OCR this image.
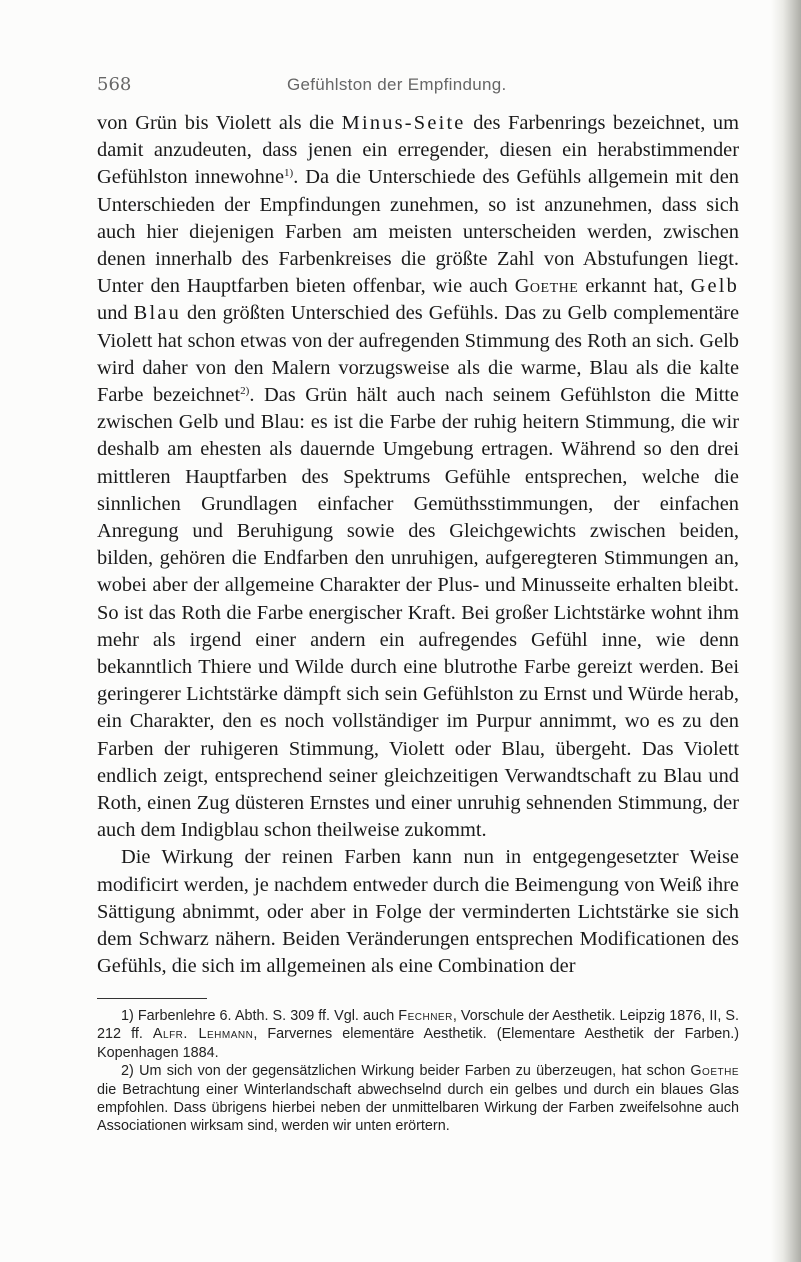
568	Gefühlston der Empfindung.

von Grün bis Violett als die Minus-Seite des Farbenrings bezeichnet, um damit anzudeuten, dass jenen ein erregender, diesen ein herabstimmender Gefühlston innewohne$^{1)}$. Da die Unterschiede des Gefühls allgemein mit den Unterschieden der Empfindungen zunehmen, so ist anzunehmen, dass sich auch hier diejenigen Farben am meisten unterscheiden werden, zwischen denen innerhalb des Farbenkreises die größte Zahl von Abstufungen liegt. Unter den Hauptfarben bieten offenbar, wie auch Goethe erkannt hat, Gelb und Blau den größten Unterschied des Gefühls. Das zu Gelb complementäre Violett hat schon etwas von der aufregenden Stimmung des Roth an sich. Gelb wird daher von den Malern vorzugsweise als die warme, Blau als die kalte Farbe bezeichnet$^{2)}$. Das Grün hält auch nach seinem Gefühlston die Mitte zwischen Gelb und Blau: es ist die Farbe der ruhig heitern Stimmung, die wir deshalb am ehesten als dauernde Umgebung ertragen. Während so den drei mittleren Hauptfarben des Spektrums Gefühle entsprechen, welche die sinnlichen Grundlagen einfacher Gemüthsstimmungen, der einfachen Anregung und Beruhigung sowie des Gleichgewichts zwischen beiden, bilden, gehören die Endfarben den unruhigen, aufgeregteren Stimmungen an, wobei aber der allgemeine Charakter der Plus- und Minusseite erhalten bleibt. So ist das Roth die Farbe energischer Kraft. Bei großer Lichtstärke wohnt ihm mehr als irgend einer andern ein aufregendes Gefühl inne, wie denn bekanntlich Thiere und Wilde durch eine blutrothe Farbe gereizt werden. Bei geringerer Lichtstärke dämpft sich sein Gefühlston zu Ernst und Würde herab, ein Charakter, den es noch vollständiger im Purpur annimmt, wo es zu den Farben der ruhigeren Stimmung, Violett oder Blau, übergeht. Das Violett endlich zeigt, entsprechend seiner gleichzeitigen Verwandtschaft zu Blau und Roth, einen Zug düsteren Ernstes und einer unruhig sehnenden Stimmung, der auch dem Indigblau schon theilweise zukommt.

Die Wirkung der reinen Farben kann nun in entgegengesetzter Weise modificirt werden, je nachdem entweder durch die Beimengung von Weiß ihre Sättigung abnimmt, oder aber in Folge der verminderten Lichtstärke sie sich dem Schwarz nähern. Beiden Veränderungen entsprechen Modificationen des Gefühls, die sich im allgemeinen als eine Combination der

1) Farbenlehre 6. Abth. S. 309 ff. Vgl. auch Fechner, Vorschule der Aesthetik. Leipzig 1876, II, S. 212 ff. Alfr. Lehmann, Farvernes elementäre Aesthetik. (Elementare Aesthetik der Farben.) Kopenhagen 1884.

2) Um sich von der gegensätzlichen Wirkung beider Farben zu überzeugen, hat schon Goethe die Betrachtung einer Winterlandschaft abwechselnd durch ein gelbes und durch ein blaues Glas empfohlen. Dass übrigens hierbei neben der unmittelbaren Wirkung der Farben zweifelsohne auch Associationen wirksam sind, werden wir unten erörtern.
